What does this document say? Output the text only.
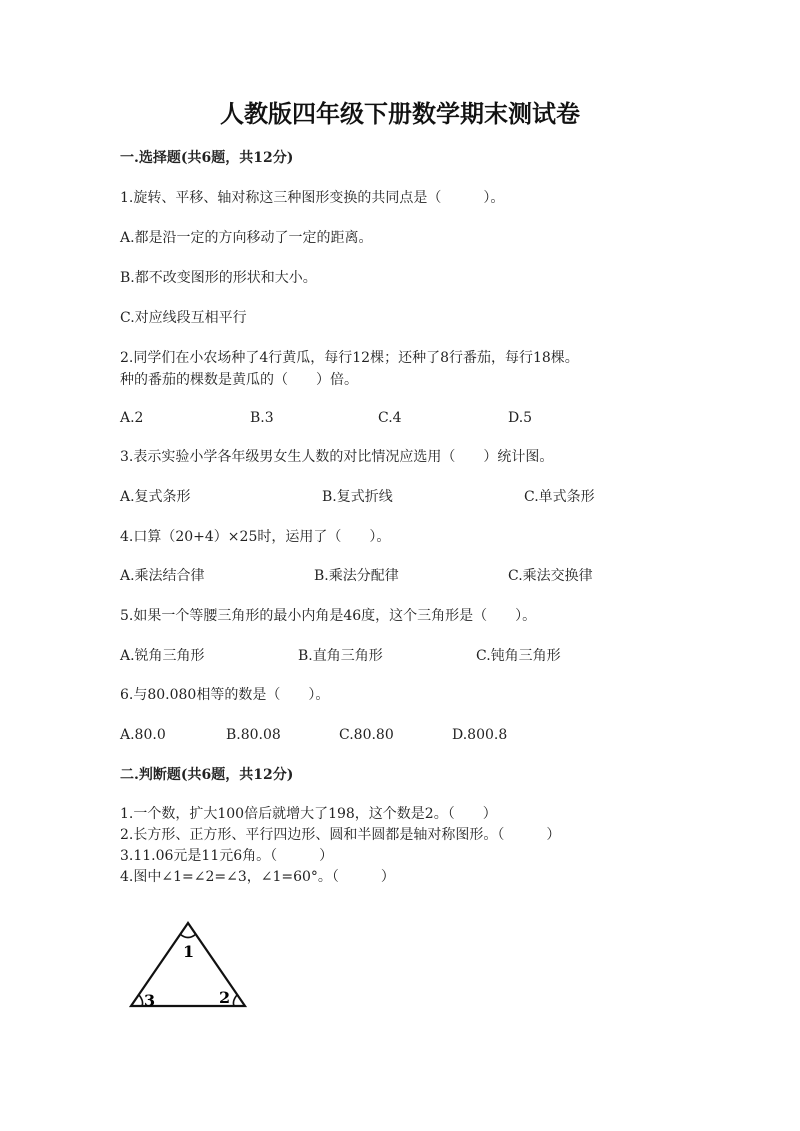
人教版四年级下册数学期末测试卷
一.选择题(共6题，共12分)
1.旋转、平移、轴对称这三种图形变换的共同点是（　　　）。
A.都是沿一定的方向移动了一定的距离。
B.都不改变图形的形状和大小。
C.对应线段互相平行
2.同学们在小农场种了4行黄瓜，每行12棵；还种了8行番茄，每行18棵。
种的番茄的棵数是黄瓜的（　　）倍。
A.2	B.3	C.4	D.5
3.表示实验小学各年级男女生人数的对比情况应选用（　　）统计图。
A.复式条形	B.复式折线	C.单式条形
4.口算（20+4）×25时，运用了（　　）。
A.乘法结合律	B.乘法分配律	C.乘法交换律
5.如果一个等腰三角形的最小内角是46度，这个三角形是（　　）。
A.锐角三角形	B.直角三角形	C.钝角三角形
6.与80.080相等的数是（　　）。
A.80.0	B.80.08	C.80.80	D.800.8
二.判断题(共6题，共12分)
1.一个数，扩大100倍后就增大了198，这个数是2。（　　）
2.长方形、正方形、平行四边形、圆和半圆都是轴对称图形。（　　　）
3.11.06元是11元6角。（　　　）
4.图中∠1=∠2=∠3，∠1=60°。（　　　）
1
2
3
